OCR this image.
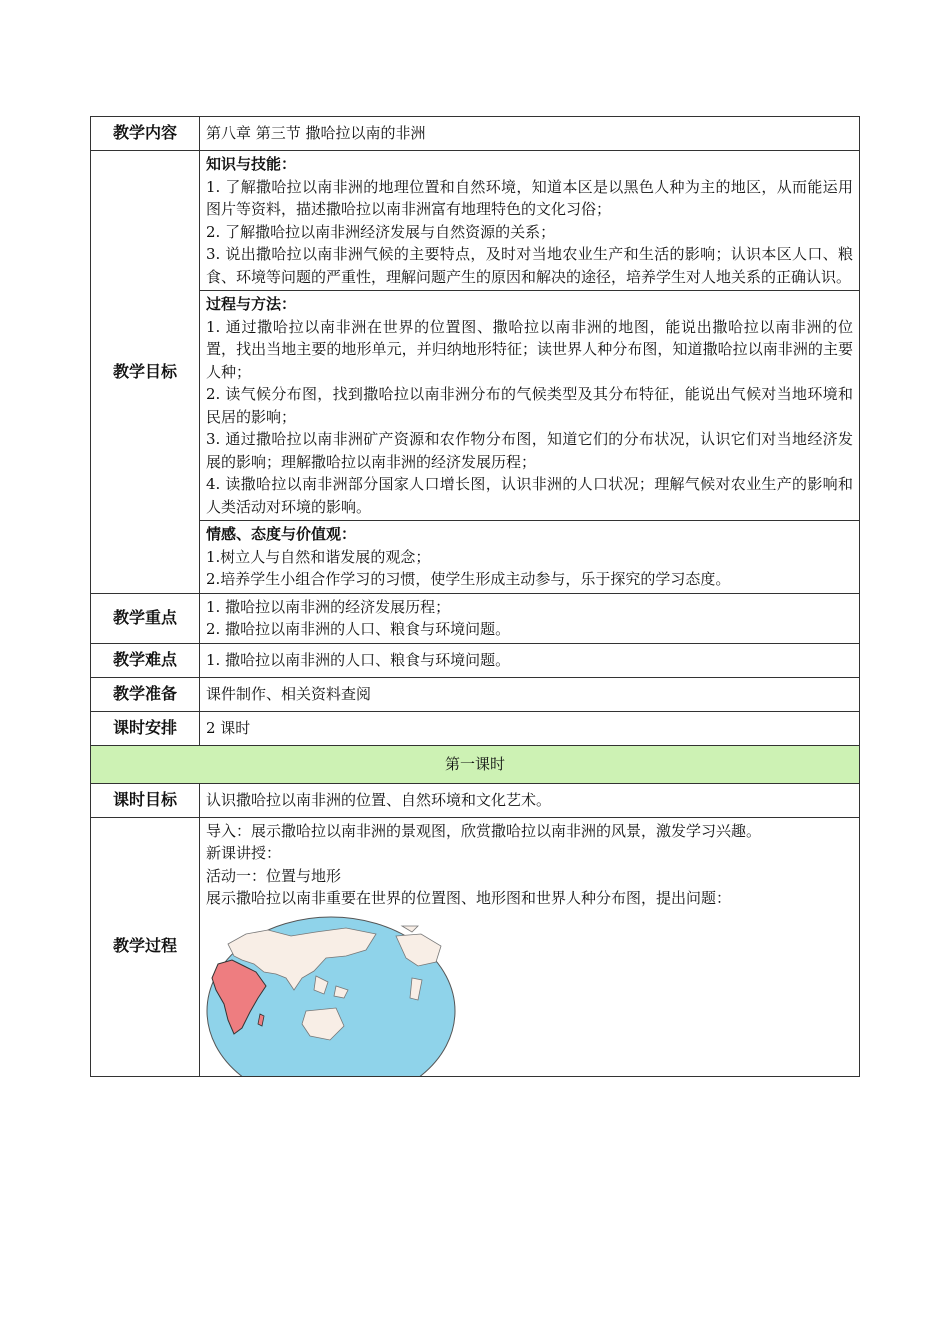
教学内容	第八章 第三节 撒哈拉以南的非洲
教学目标	知识与技能：
1. 了解撒哈拉以南非洲的地理位置和自然环境，知道本区是以黑色人种为主的地区，从而能运用图片等资料，描述撒哈拉以南非洲富有地理特色的文化习俗；
2. 了解撒哈拉以南非洲经济发展与自然资源的关系；
3. 说出撒哈拉以南非洲气候的主要特点，及时对当地农业生产和生活的影响；认识本区人口、粮食、环境等问题的严重性，理解问题产生的原因和解决的途径，培养学生对人地关系的正确认识。

	过程与方法：
1. 通过撒哈拉以南非洲在世界的位置图、撒哈拉以南非洲的地图，能说出撒哈拉以南非洲的位置，找出当地主要的地形单元，并归纳地形特征；读世界人种分布图，知道撒哈拉以南非洲的主要人种；
2. 读气候分布图，找到撒哈拉以南非洲分布的气候类型及其分布特征，能说出气候对当地环境和民居的影响；
3. 通过撒哈拉以南非洲矿产资源和农作物分布图，知道它们的分布状况，认识它们对当地经济发展的影响；理解撒哈拉以南非洲的经济发展历程；
4. 读撒哈拉以南非洲部分国家人口增长图，认识非洲的人口状况；理解气候对农业生产的影响和人类活动对环境的影响。

	情感、态度与价值观：
1.树立人与自然和谐发展的观念；
2.培养学生小组合作学习的习惯，使学生形成主动参与，乐于探究的学习态度。

教学重点	1. 撒哈拉以南非洲的经济发展历程；
2. 撒哈拉以南非洲的人口、粮食与环境问题。

教学难点	1. 撒哈拉以南非洲的人口、粮食与环境问题。
教学准备	课件制作、相关资料查阅
课时安排	2 课时
第一课时	
课时目标	认识撒哈拉以南非洲的位置、自然环境和文化艺术。
教学过程	导入：展示撒哈拉以南非洲的景观图，欣赏撒哈拉以南非洲的风景，激发学习兴趣。
新课讲授：
活动一：位置与地形
展示撒哈拉以南非重要在世界的位置图、地形图和世界人种分布图，提出问题：
